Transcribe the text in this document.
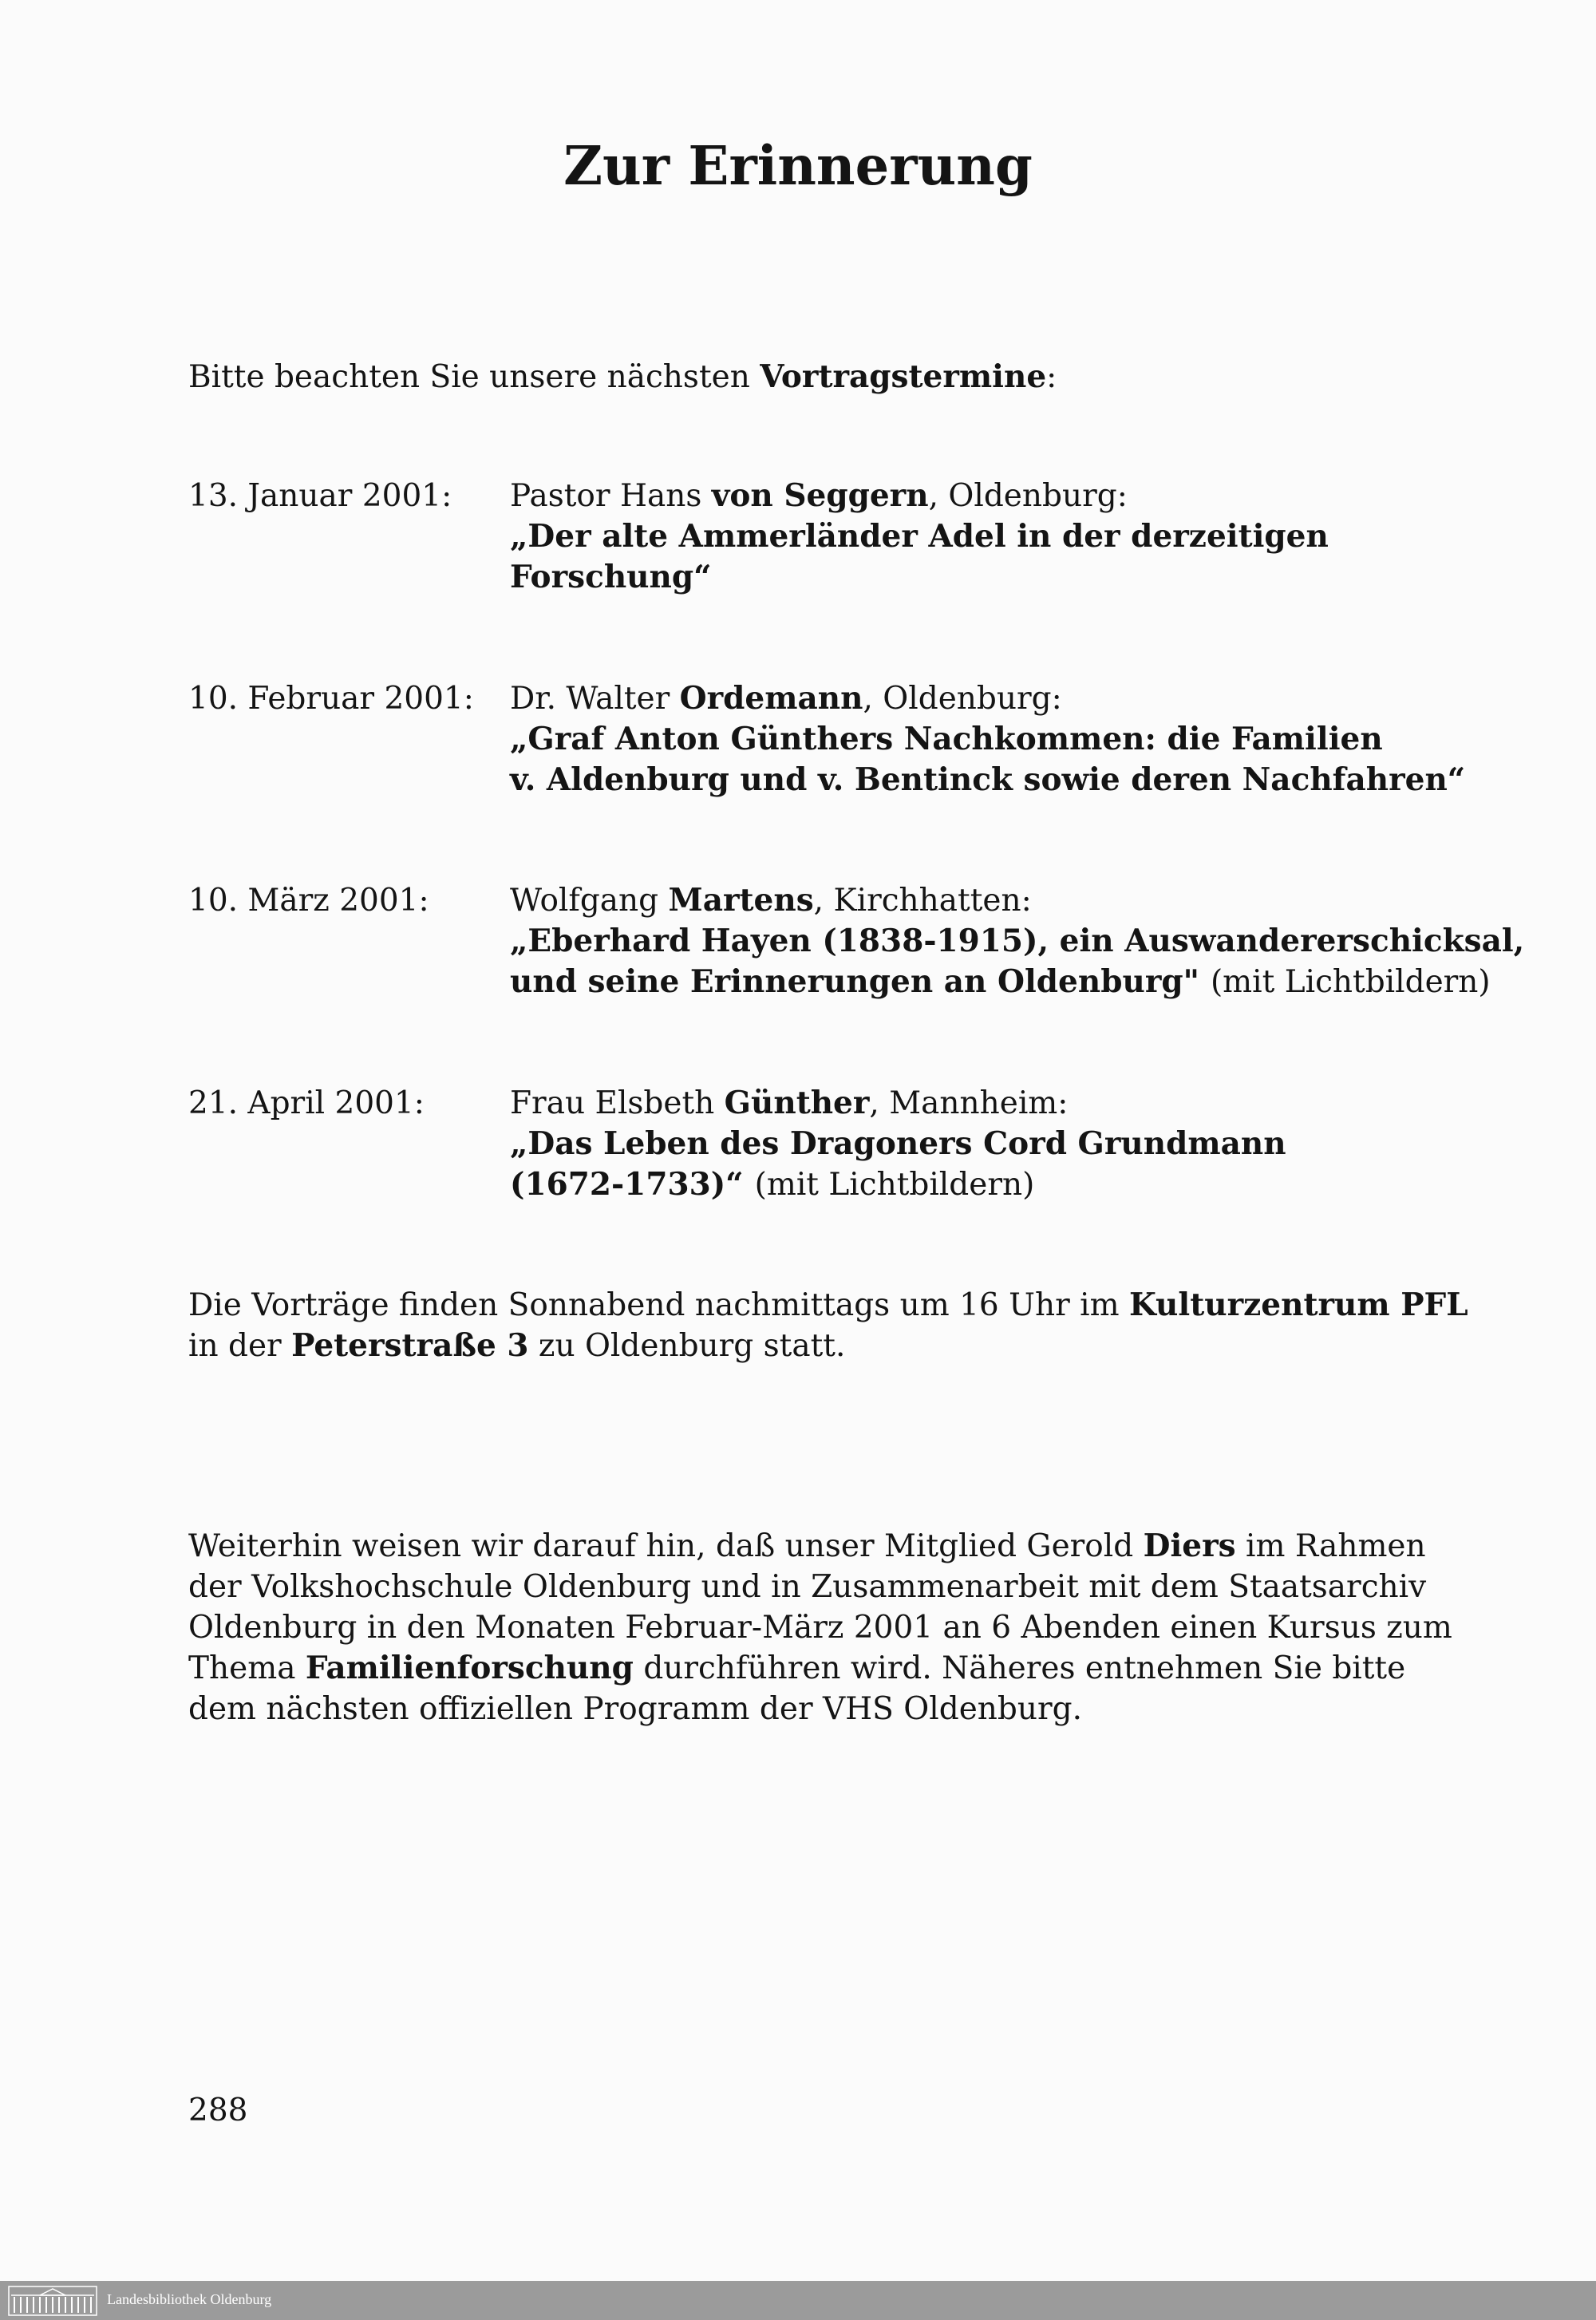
Zur Erinnerung
Bitte beachten Sie unsere nächsten Vortragstermine:
13. Januar 2001: Pastor Hans von Seggern, Oldenburg:
„Der alte Ammerländer Adel in der derzeitigen
Forschung“
10. Februar 2001: Dr. Walter Ordemann, Oldenburg:
„Graf Anton Günthers Nachkommen: die Familien
v. Aldenburg und v. Bentinck sowie deren Nachfahren“
10. März 2001:	Wolfgang Martens, Kirchhatten:
„Eberhard Hayen (1838-1915), ein Auswandererschicksal,
und seine Erinnerungen an Oldenburg" (mit Lichtbildern)
21. April 2001:	Frau Elsbeth Günther, Mannheim:
„Das Leben des Dragoners Cord Grundmann
(1672-1733)“ (mit Lichtbildern)
Die Vorträge finden Sonnabend nachmittags um 16 Uhr im Kulturzentrum PFL
in der Peterstraße 3 zu Oldenburg statt.
Weiterhin weisen wir darauf hin, daß unser Mitglied Gerold Diers im Rahmen
der Volkshochschule Oldenburg und in Zusammenarbeit mit dem Staatsarchiv
Oldenburg in den Monaten Februar-März 2001 an 6 Abenden einen Kursus zum
Thema Familienforschung durchführen wird. Näheres entnehmen Sie bitte
dem nächsten offiziellen Programm der VHS Oldenburg.
288
Landesbibliothek Oldenburg
